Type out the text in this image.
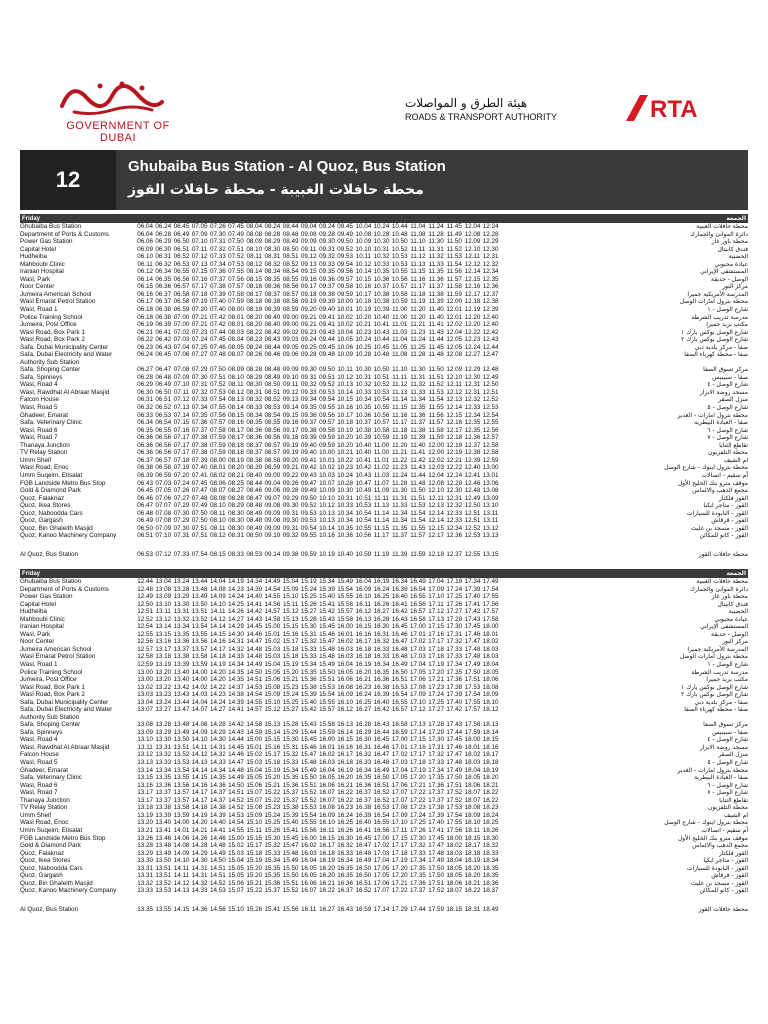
GOVERNMENT OF DUBAI
هيئة الطرق و المواصلات
ROADS & TRANSPORT AUTHORITY	RTA
12
Ghubaiba Bus Station - Al Quoz, Bus Station
محطة حافلات الغبيبة - محطة حافلات القوز
Friday	الجمعة
Ghubaiba Bus Station	06.04 06.24 06.45 07.05 07.26 07.45 08.04 08.24 08.44 09.04 09.24 09.45 10.04 10.24 10.44 11.04 11.24 11.45 12.04 12.24	محطة حافلات الغبيبة
Department of Ports & Customs	06.04 06.28 06.49 07.09 07.30 07.49 08.08 08.28 08.48 09.08 09.28 09.49 10.08 10.28 10.48 11.08 11.28 11.49 12.08 12.28	دائرة الموانئ والجمارك
Power Gas Station	06.06 06.29 06.50 07.10 07.31 07.50 08.09 08.29 08.49 09.09 09.30 09.50 10.09 10.30 10.50 11.10 11.30 11.50 12.09 12.29	محطة باور غاز
Capital Hotel	06.09 06.30 06.51 07.11 07.32 07.51 08.10 08.30 08.50 09.11 09.31 09.52 10.10 10.31 10.52 11.11 11.31 11.52 12.10 12.30	فندق كابيتال
Hudheiba	06.10 06.31 06.52 07.12 07.33 07.52 08.11 08.31 08.51 09.12 09.32 09.53 10.11 10.32 10.53 11.12 11.32 11.53 12.11 12.31	الحضيبة
Mahboubi Clinic	06.11 06.32 06.53 07.13 07.34 07.53 08.12 08.32 08.52 09.13 09.33 09.54 10.12 10.33 10.53 11.13 11.33 11.54 12.12 12.32	عيادة محبوبي
Iranian Hospital	06.12 06.34 06.55 07.15 07.36 07.55 08.14 08.34 08.54 09.15 09.35 09.56 10.14 10.35 10.55 11.15 11.35 11.56 12.14 12.34	المستشفى الإيراني
Wasl, Park	06.14 06.35 06.56 07.16 07.37 07.56 08.15 08.35 08.55 09.16 09.36 09.57 10.15 10.36 10.56 11.16 11.36 11.57 12.15 12.35	الوصل - حديقة
Noor Center	06.15 06.36 06.57 07.17 07.38 07.57 08.16 08.36 08.56 09.17 09.37 09.58 10.16 10.37 10.57 11.17 11.37 11.58 12.16 12.36	مركز النور
Jumeira American School	06.16 06.37 06.58 07.18 07.39 07.58 08.17 08.37 08.57 09.18 09.38 09.59 10.17 10.38 10.58 11.18 11.38 11.59 12.17 12.37	المدرسة الأمريكية جميرا
Wasl Emarat Petrol Station	06.17 06.37 06.58 07.19 07.40 07.59 08.18 08.38 08.58 09.19 09.39 10.00 10.18 10.38 10.59 11.19 11.39 12.00 12.18 12.38	محطة بترول امارات الوصل
Wasl, Road 1	06.18 06.38 06.59 07.20 07.40 08.00 08.19 08.39 08.59 09.20 09.40 10.01 10.19 10.39 11.00 11.20 11.40 12.01 12.19 12.39	شارع الوصل - ١
Police Training School	06.18 06.38 07.00 07.21 07.42 08.01 08.20 08.40 09.00 09.21 09.41 10.02 10.20 10.40 11.00 11.20 11.40 12.01 12.20 12.40	مدرسة تدريب الشرطة
Jumeira, Post Office	06.19 06.39 07.00 07.21 07.42 08.01 08.20 08.40 09.00 09.21 09.41 10.02 10.21 10.41 11.01 11.21 11.41 12.02 12.20 12.40	مكتب بريد جميرا
Wasl Road, Box Park 1	06.21 06.41 07.02 07.23 07.44 08.03 08.22 08.42 09.02 09.23 09.43 10.04 10.23 10.43 11.03 11.23 11.43 12.04 12.22 12.42	شارع الوصل بوكس بارك ١
Wasl Road, Box Park 2	06.22 06.42 07.03 07.24 07.45 08.04 08.23 08.43 09.03 09.24 09.44 10.05 10.24 10.44 11.04 11.24 11.44 12.05 12.23 12.43	شارع الوصل بوكس بارك ٢
Safa, Dubai Municipality Center	06.23 06.43 07.04 07.25 07.46 08.05 08.24 08.44 09.05 09.25 09.45 10.06 10.25 10.45 11.05 11.25 11.45 12.05 12.24 12.44	صفا - مركز بلدية دبي
Safa, Dubai Electricity and Water Authority Sub Station
06.24 06.45 07.06 07.27 07.48 08.07 08.26 08.46 09.06 09.28 09.48 10.09 10.28 10.48 11.08 11.28 11.48 12.08 12.27 12.47	صفا - محطة كهرباء الصفا
Safa, Shoping Center	06.27 06.47 07.08 07.29 07.50 08.09 08.28 08.48 09.09 09.30 09.50 10.11 10.30 10.50 11.10 11.30 11.50 12.09 12.29 12.48	مركز تسوق الصفا
Safa, Spinneys	06.28 06.48 07.09 07.30 07.51 08.10 08.29 08.49 09.10 09.31 09.51 10.12 10.31 10.51 11.11 11.31 11.51 12.10 12.30 12.49	صفا - سبينيس
Wasl, Road 4	06.29 06.49 07.10 07.31 07.52 08.11 08.30 08.50 09.11 09.32 09.52 10.13 10.32 10.52 11.12 11.32 11.52 12.11 12.31 12.50	شارع الوصل - ٤
Wasl, Rawdhat Al Abraar Masjid	06.30 06.50 07.11 07.32 07.53 08.12 08.31 08.51 09.12 09.33 09.53 10.14 10.33 10.53 11.13 11.33 11.53 12.12 12.31 12.51	مسجد روضة الابرار
Falcon House	06.31 06.51 07.12 07.33 07.54 08.13 08.32 08.52 09.13 09.34 09.54 10.15 10.34 10.54 11.14 11.34 11.54 12.13 12.32 12.52	منزل الصقر
Wasl, Road 5	06.32 06.52 07.13 07.34 07.55 08.14 08.33 08.53 09.14 09.35 09.55 10.16 10.35 10.55 11.15 11.35 11.55 12.14 12.33 12.53	شارع الوصل - ٥
Ghadeer, Emarat	06.33 06.53 07.14 07.35 07.56 08.15 08.34 08.54 09.15 09.36 09.56 10.17 10.36 10.56 11.16 11.36 11.56 12.15 12.34 12.54	محطة بترول امارات - الغدير
Safa, Veterinary Clinic	06.34 06.54 07.15 07.36 07.57 08.16 08.35 08.55 09.16 09.37 09.57 10.18 10.37 10.57 11.17 11.37 11.57 12.16 12.35 12.55	صفا - العيادة البيطرية
Wasl, Road 6	06.35 06.55 07.16 07.37 07.58 08.17 08.36 08.56 09.17 09.38 09.58 10.19 10.38 10.58 11.18 11.38 11.58 12.17 12.35 12.56	شارع الوصل - ٦
Wasl, Road 7	06.36 06.56 07.17 07.38 07.59 08.17 08.36 08.56 09.18 09.39 09.59 10.20 10.39 10.59 11.19 11.39 11.59 12.18 12.36 12.57	شارع الوصل - ٧
Thanaya Junction	06.36 06.56 07.17 07.38 07.59 08.18 08.37 08.57 09.19 09.40 09.59 10.20 10.40 11.00 11.20 11.40 12.00 12.19 12.37 12.58	تقاطع الثنايا
TV Relay Station	06.36 06.56 07.17 07.38 07.59 08.18 08.37 08.57 09.19 09.40 10.00 10.21 10.40 11.00 11.21 11.41 12.00 12.19 12.38 12.58	محطة التلفزيون
Umm Sheif	06.37 06.57 07.18 07.39 08.00 08.19 08.38 08.58 09.20 09.41 10.01 10.22 10.41 11.01 11.22 11.42 12.02 12.21 12.39 12.59	ام الشيف
Wasl Road, Enoc	06.38 06.58 07.19 07.40 08.01 08.20 08.39 08.59 09.21 09.42 10.02 10.23 10.42 11.02 11.23 11.43 12.03 12.22 12.40 13.00	محطة بترول اينوك - شارع الوصل
Umm Suqeim, Etisalat	06.39 06.59 07.20 07.41 08.02 08.21 08.40 09.00 09.22 09.43 10.03 10.24 10.43 11.03 11.24 11.44 12.04 12.24 12.41 13.01	أم سقيم - اتصالات
FGB Landside Metro Bus Stop	06.43 07.03 07.24 07.45 08.06 08.25 08.44 09.04 09.26 09.47 10.07 10.28 10.47 11.07 11.28 11.48 12.08 12.28 12.46 13.06	موقف مترو بنك الخليج الأول
Gold & Diamond Park	06.45 07.05 07.26 07.47 08.07 08.27 08.46 09.06 09.28 09.49 10.09 10.30 10.49 11.09 11.30 11.50 12.10 12.30 12.48 13.08	مجمع الذهب والالماس
Quoz, Falaknaz	06.46 07.06 07.27 07.48 08.08 08.28 08.47 09.07 09.29 09.50 10.10 10.31 10.51 11.11 11.31 11.51 12.11 12.31 12.49 13.09	القوز فلكناز
Quoz, Ikea Stores	06.47 07.07 07.29 07.49 08.10 08.29 08.48 09.08 09.30 09.52 10.12 10.33 10.53 11.13 11.33 11.53 12.13 12.32 12.50 13.10	القوز - متاجر ايكيا
Quoz, Naboodda Cars	06.48 07.08 07.30 07.50 08.11 08.30 08.49 09.09 09.31 09.53 10.13 10.34 10.54 11.14 11.34 11.54 12.14 12.33 12.51 13.11	القوز - النابودة للسيارات
Quoz, Gargash	06.49 07.08 07.29 07.50 08.10 08.30 08.48 09.08 09.30 09.53 10.13 10.34 10.54 11.14 11.34 11.54 12.14 12.33 12.51 13.11	القوز - قرقاش
Quoz, Bin Ghaleith Masjid	06.50 07.09 07.30 07.51 08.11 08.30 08.49 09.09 09.31 09.54 10.14 10.35 10.55 11.15 11.35 11.55 12.15 12.34 12.52 13.12	القوز - مسجد بن غليث
Quoz, Kanoo Machinery Company	06.51 07.10 07.31 07.51 08.12 08.31 08.50 09.10 09.32 09.55 10.16 10.36 10.56 11.17 11.37 11.57 12.17 12.36 12.53 13.13	القوز - كانو للمكائن
Al Quoz, Bus Station	06.53 07.12 07.33 07.54 08.15 08.33 08.53 09.14 09.38 09.59 10.19 10.40 10.59 11.19 11.39 11.59 12.18 12.37 12.55 13.15	محطة حافلات القوز
Friday	الجمعة
Ghubaiba Bus Station	12.44 13.04 13.24 13.44 14.04 14.19 14.34 14.49 15.04 15.19 15.34 15.49 16.04 16.19 16.34 16.49 17.04 17.19 17.34 17.49	محطة حافلات الغبيبة
Department of Ports & Customs	12.48 13.08 13.28 13.48 14.08 14.23 14.39 14.54 15.09 15.24 15.39 15.54 16.09 16.24 16.39 16.54 17.09 17.24 17.39 17.54	دائرة الموانئ والجمارك
Power Gas Station	12.49 13.09 13.29 13.49 14.09 14.24 14.40 14.55 15.10 15.25 15.40 15.55 16.10 16.25 16.40 16.55 17.10 17.25 17.40 17.55	محطة باور غاز
Capital Hotel	12.50 13.10 13.30 13.50 14.10 14.25 14.41 14.56 15.11 15.26 15.41 15.56 16.11 16.26 16.41 16.56 17.11 17.26 17.41 17.56	فندق كابيتال
Hudheiba	12.51 13.11 13.31 13.51 14.11 14.26 14.42 14.57 15.12 15.27 15.42 15.57 16.12 16.27 16.42 16.57 17.12 17.27 17.42 17.57	الحضيبة
Mahboubi Clinic	12.52 13.12 13.32 13.52 14.12 14.27 14.43 14.58 15.13 15.28 15.43 15.58 16.13 16.28 16.43 16.58 17.13 17.28 17.43 17.58	عيادة محبوبي
Iranian Hospital	12.54 13.14 13.34 13.54 14.14 14.29 14.45 15.00 15.15 15.30 15.45 16.00 16.15 16.30 16.45 17.00 17.15 17.30 17.45 18.00	المستشفى الإيراني
Wasl, Park	12.55 13.15 13.35 13.55 14.15 14.30 14.46 15.01 15.16 15.31 15.46 16.01 16.16 16.31 16.46 17.01 17.16 17.31 17.46 18.01	الوصل - حديقة
Noor Center	12.56 13.16 13.36 13.56 14.16 14.31 14.47 15.02 15.17 15.32 15.47 16.02 16.17 16.32 16.47 17.02 17.17 17.32 17.47 18.02	مركز النور
Jumeira American School	12.57 13.17 13.37 13.57 14.17 14.32 14.48 15.03 15.18 15.33 15.48 16.03 16.18 16.33 16.48 17.03 17.18 17.33 17.48 18.03	المدرسة الأمريكية جميرا
Wasl Emarat Petrol Station	12.58 13.18 13.38 13.58 14.18 14.33 14.48 15.03 15.18 15.33 15.48 16.03 16.18 16.33 16.48 17.03 17.18 17.33 17.48 18.03	محطة بترول امارات الوصل
Wasl, Road 1	12.59 13.19 13.39 13.59 14.19 14.34 14.49 15.04 15.19 15.34 15.49 16.04 16.19 16.34 16.49 17.04 17.19 17.34 17.49 18.04	شارع الوصل - ١
Police Training School	13.00 13.20 13.40 14.00 14.20 14.35 14.50 15.05 15.20 15.35 15.50 16.05 16.20 16.35 16.50 17.05 17.20 17.35 17.50 18.05	مدرسة تدريب الشرطة
Jumeira, Post Office	13.00 13.20 13.40 14.00 14.20 14.35 14.51 15.06 15.21 15.36 15.51 16.06 16.21 16.36 16.51 17.06 17.21 17.36 17.51 18.06	مكتب بريد جميرا
Wasl Road, Box Park 1	13.02 13.22 13.42 14.02 14.22 14.37 14.53 15.08 15.23 15.38 15.53 16.08 16.23 16.38 16.53 17.08 17.23 17.38 17.53 18.08	شارع الوصل بوكس بارك ١
Wasl Road, Box Park 2	13.03 13.23 13.43 14.03 14.23 14.38 14.54 15.09 15.24 15.39 15.54 16.09 16.24 16.39 16.54 17.09 17.24 17.39 17.54 18.09	شارع الوصل بوكس بارك ٢
Safa, Dubai Municipality Center	13.04 13.24 13.44 14.04 14.24 14.39 14.55 15.10 15.25 15.40 15.55 16.10 16.25 16.40 16.55 17.10 17.25 17.40 17.55 18.10	صفا - مركز بلدية دبي
Safa, Dubai Electricity and Water Authority Sub Station
13.07 13.27 13.47 14.07 14.27 14.41 14.57 15.12 15.27 15.42 15.57 16.12 16.27 16.42 16.57 17.12 17.27 17.42 17.57 18.12	صفا - محطة كهرباء الصفا
Safa, Shoping Center	13.08 13.28 13.48 14.08 14.28 14.42 14.58 15.13 15.28 15.43 15.58 16.13 16.28 16.43 16.58 17.13 17.28 17.43 17.58 18.13	مركز تسوق الصفا
Safa, Spinneys	13.09 13.29 13.49 14.09 14.29 14.43 14.59 15.14 15.29 15.44 15.59 16.14 16.29 16.44 16.59 17.14 17.29 17.44 17.59 18.14	صفا - سبينيس
Wasl, Road 4	13.10 13.30 13.50 14.10 14.30 14.44 15.00 15.15 15.30 15.45 16.00 16.15 16.30 16.45 17.00 17.15 17.30 17.45 18.00 18.15	شارع الوصل - ٤
Wasl, Rawdhat Al Abraar Masjid	13.11 13.31 13.51 14.11 14.31 14.45 15.01 15.16 15.31 15.46 16.01 16.16 16.31 16.46 17.01 17.16 17.31 17.46 18.01 18.16	مسجد روضة الابرار
Falcon House	13.12 13.32 13.52 14.12 14.32 14.46 15.02 15.17 15.32 15.47 16.02 16.17 16.32 16.47 17.02 17.17 17.32 17.47 18.02 18.17	منزل الصقر
Wasl, Road 5	13.13 13.33 13.53 14.13 14.33 14.47 15.03 15.18 15.33 15.48 16.03 16.18 16.33 16.48 17.03 17.18 17.33 17.48 18.03 18.18	شارع الوصل - ٥
Ghadeer, Emarat	13.14 13.34 13.54 14.14 14.34 14.48 15.04 15.19 15.34 15.49 16.04 16.19 16.34 16.49 17.04 17.19 17.34 17.49 18.04 18.19	محطة بترول امارات - الغدير
Safa, Veterinary Clinic	13.15 13.35 13.55 14.15 14.35 14.49 15.05 15.20 15.35 15.50 16.05 16.20 16.35 16.50 17.05 17.20 17.35 17.50 18.05 18.20	صفا - العيادة البيطرية
Wasl, Road 6	13.16 13.36 13.56 14.16 14.36 14.50 15.06 15.21 15.36 15.51 16.06 16.21 16.36 16.51 17.06 17.21 17.36 17.51 18.06 18.21	شارع الوصل - ٦
Wasl, Road 7	13.17 13.37 13.57 14.17 14.37 14.51 15.07 15.22 15.37 15.52 16.07 16.22 16.37 16.52 17.07 17.22 17.37 17.52 18.07 18.22	شارع الوصل - ٧
Thanaya Junction	13.17 13.37 13.57 14.17 14.37 14.52 15.07 15.22 15.37 15.52 16.07 16.22 16.37 16.52 17.07 17.22 17.37 17.52 18.07 18.22	تقاطع الثنايا
TV Relay Station	13.18 13.38 13.58 14.18 14.38 14.52 15.08 15.23 15.38 15.53 16.08 16.23 16.38 16.53 17.08 17.23 17.38 17.53 18.08 18.23	محطة التلفزيون
Umm Sheif	13.19 13.39 13.59 14.19 14.39 14.53 15.09 15.24 15.39 15.54 16.09 16.24 16.39 16.54 17.09 17.24 17.39 17.54 18.09 18.24	ام الشيف
Wasl Road, Enoc	13.20 13.40 14.00 14.20 14.40 14.54 15.10 15.25 15.40 15.55 16.10 16.25 16.40 16.55 17.10 17.25 17.40 17.55 18.10 18.25	محطة بترول اينوك - شارع الوصل
Umm Suqeim, Etisalat	13.21 13.41 14.01 14.21 14.41 14.55 15.11 15.26 15.41 15.56 16.11 16.26 16.41 16.56 17.11 17.26 17.41 17.56 18.11 18.26	أم سقيم - اتصالات
FGB Landside Metro Bus Stop	13.26 13.46 14.06 14.26 14.46 15.00 15.15 15.30 15.45 16.00 16.15 16.30 16.45 17.00 17.15 17.30 17.45 18.00 18.15 18.30	موقف مترو بنك الخليج الأول
Gold & Diamond Park	13.28 13.48 14.08 14.28 14.48 15.02 15.17 15.32 15.47 16.02 16.17 16.32 16.47 17.02 17.17 17.32 17.47 18.02 18.17 18.32	مجمع الذهب والالماس
Quoz, Falaknaz	13.29 13.49 14.09 14.29 14.49 15.03 15.18 15.33 15.48 16.03 16.18 16.33 16.48 17.03 17.18 17.33 17.48 18.03 18.18 18.33	القوز فلكناز
Quoz, Ikea Stores	13.30 13.50 14.10 14.30 14.50 15.04 15.19 15.34 15.49 16.04 16.19 16.34 16.49 17.04 17.19 17.34 17.49 18.04 18.19 18.34	القوز - متاجر ايكيا
Quoz, Naboodda Cars	13.31 13.51 14.11 14.31 14.51 15.05 15.20 15.35 15.50 16.05 16.20 16.35 16.50 17.05 17.20 17.35 17.50 18.05 18.20 18.35	القوز - النابودة للسيارات
Quoz, Gargash	13.31 13.51 14.11 14.31 14.51 15.05 15.20 15.35 15.50 16.05 16.20 16.35 16.50 17.05 17.20 17.35 17.50 18.05 18.20 18.35	القوز - قرقاش
Quoz, Bin Ghaleith Masjid	13.32 13.52 14.12 14.32 14.52 15.06 15.21 15.36 15.51 16.06 16.21 16.36 16.51 17.06 17.21 17.36 17.51 18.06 18.21 18.36	القوز - مسجد بن غليث
Quoz, Kanoo Machinery Company	13.33 13.53 14.13 14.33 14.53 15.07 15.22 15.37 15.52 16.07 16.22 16.37 16.52 17.07 17.22 17.37 17.52 18.07 18.22 18.37	القوز - كانو للمكائن
Al Quoz, Bus Station	13.35 13.55 14.15 14.36 14.56 15.10 15.26 15.41 15.56 16.11 16.27 16.43 16.59 17.14 17.29 17.44 17.59 18.15 18.31 18.49	محطة حافلات القوز
